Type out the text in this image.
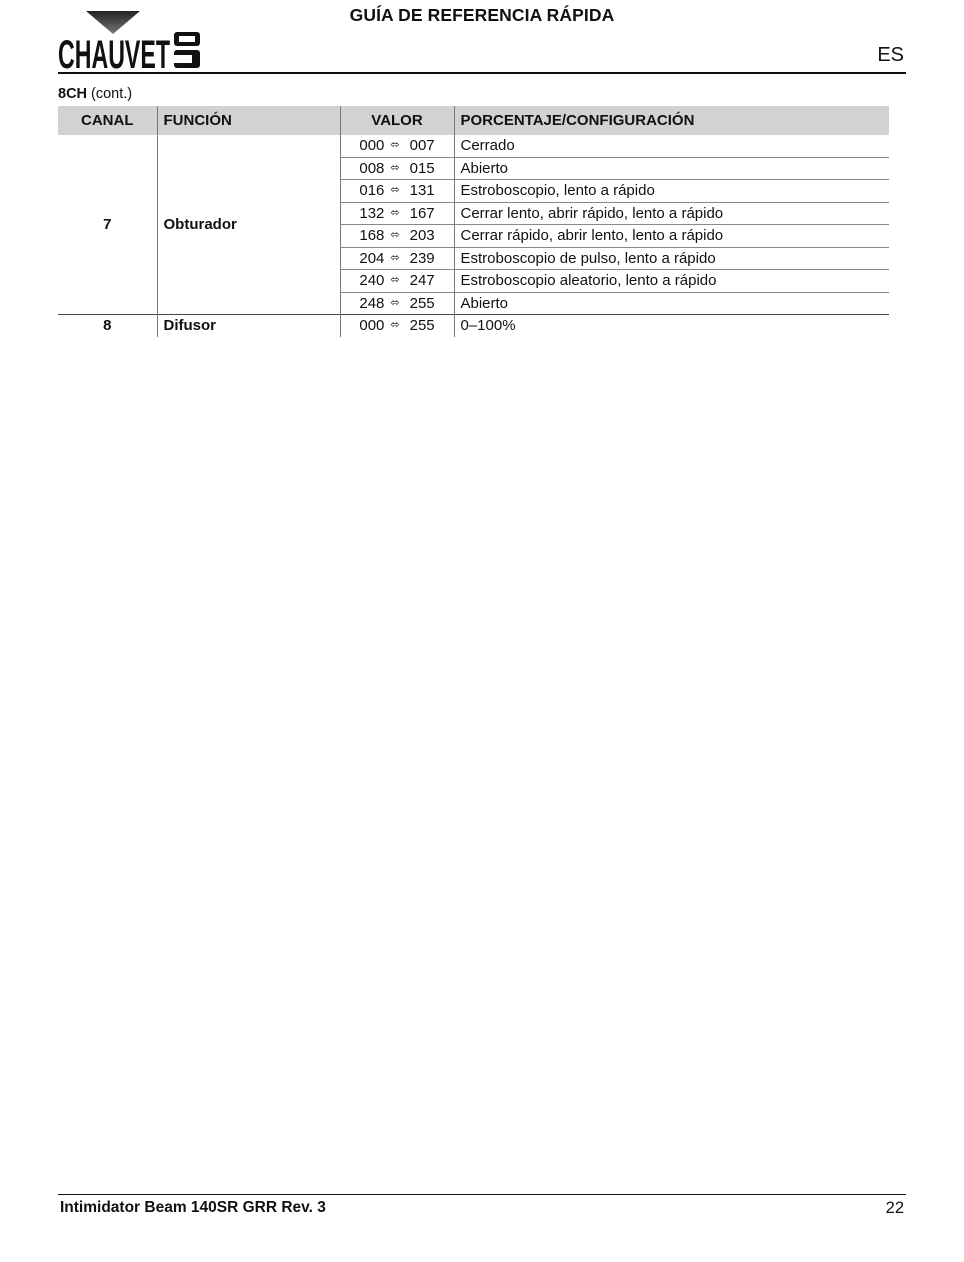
CHAUVET
GUÍA DE REFERENCIA RÁPIDA
ES
8CH (cont.)
CANAL	FUNCIÓN	VALOR	PORCENTAJE/CONFIGURACIÓN
7	Obturador	000 ⬄ 007	Cerrado

		008 ⬄ 015	Abierto

		016 ⬄ 131	Estroboscopio, lento a rápido

		132 ⬄ 167	Cerrar lento, abrir rápido, lento a rápido

		168 ⬄ 203	Cerrar rápido, abrir lento, lento a rápido

		204 ⬄ 239	Estroboscopio de pulso, lento a rápido

		240 ⬄ 247	Estroboscopio aleatorio, lento a rápido

		248 ⬄ 255	Abierto
8	Difusor	000 ⬄ 255	0–100%
Intimidator Beam 140SR GRR Rev. 3	22
